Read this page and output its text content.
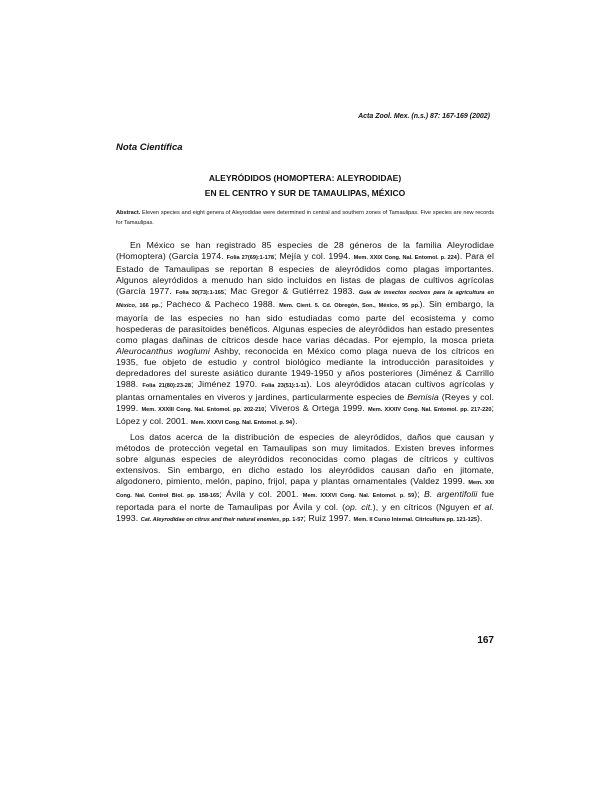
Acta Zool. Mex. (n.s.) 87: 167-169 (2002)
Nota Científica
ALEYRÓDIDOS (HOMOPTERA: ALEYRODIDAE)
EN EL CENTRO Y SUR DE TAMAULIPAS, MÉXICO
Abstract. Eleven species and eight genera of Aleyrodidae were determined in central and southern zones of Tamaulipas. Five species are new records for Tamaulipas.

En México se han registrado 85 especies de 28 géneros de la familia Aleyrodidae (Homoptera) (García 1974. Folia 27(69):1-178; Mejía y col. 1994. Mem. XXIX Cong. Nal. Entomol. p. 224). Para el Estado de Tamaulipas se reportan 8 especies de aleyródidos como plagas importantes. Algunos aleyródidos a menudo han sido incluidos en listas de plagas de cultivos agrícolas (García 1977. Folia 30(73):1-165; Mac Gregor & Gutiérrez 1983. Guía de insectos nocivos para la agricultura en México, 166 pp.; Pacheco & Pacheco 1988. Mem. Cient. 5. Cd. Obregón, Son., México, 95 pp.). Sin embargo, la mayoría de las especies no han sido estudiadas como parte del ecosistema y como hospederas de parasitoides benéficos. Algunas especies de aleyródidos han estado presentes como plagas dañinas de cítricos desde hace varias décadas. Por ejemplo, la mosca prieta Aleurocanthus woglumi Ashby, reconocida en México como plaga nueva de los cítricos en 1935, fue objeto de estudio y control biológico mediante la introducción parasitoides y depredadores del sureste asiático durante 1949-1950 y años posteriores (Jiménez & Carrillo 1988. Folia 21(80):23-28; Jiménez 1970. Folia 23(51):1-11). Los aleyródidos atacan cultivos agrícolas y plantas ornamentales en viveros y jardines, particularmente especies de Bemisia (Reyes y col. 1999. Mem. XXXIII Cong. Nal. Entomol. pp. 202-210; Viveros & Ortega 1999. Mem. XXXIV Cong. Nal. Entomol. pp. 217-220; López y col. 2001. Mem. XXXVI Cong. Nal. Entomol. p. 94).

Los datos acerca de la distribución de especies de aleyródidos, daños que causan y métodos de protección vegetal en Tamaulipas son muy limitados. Existen breves informes sobre algunas especies de aleyródidos reconocidas como plagas de cítricos y cultivos extensivos. Sin embargo, en dicho estado los aleyródidos causan daño en jitomate, algodonero, pimiento, melón, papino, frijol, papa y plantas ornamentales (Valdez 1999. Mem. XXI Cong. Nal. Control Biol. pp. 158-165; Ávila y col. 2001. Mem. XXXVI Cong. Nal. Entomol. p. 59); B. argentifolii fue reportada para el norte de Tamaulipas por Ávila y col. (op. cit.), y en cítricos (Nguyen et al. 1993. Cat. Aleyrodidae on citrus and their natural enemies, pp. 1-57; Ruiz 1997. Mem. II Curso Internal. Citricultura pp. 121-125).

167
